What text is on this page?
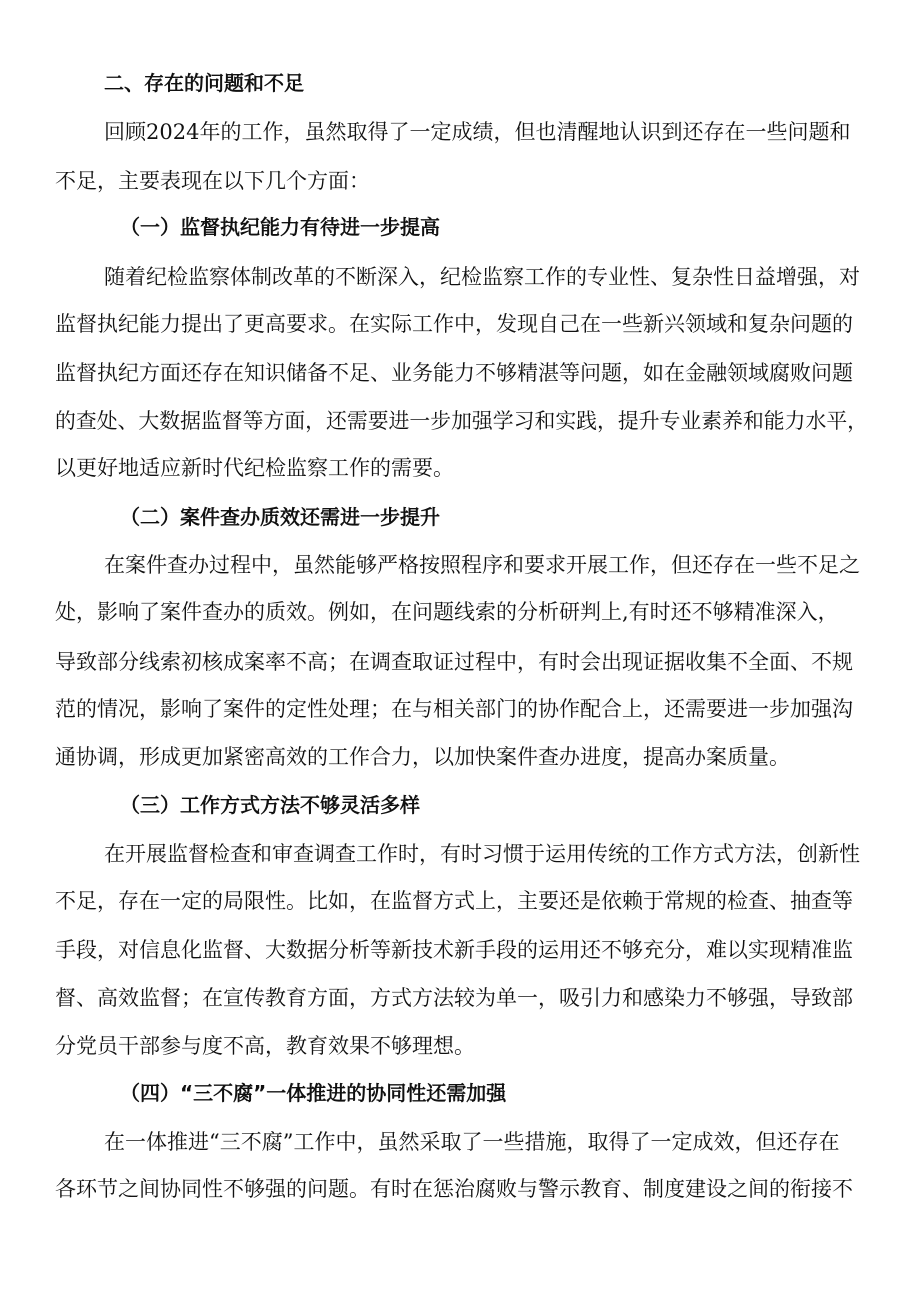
二、存在的问题和不足
回顾2024年的工作，虽然取得了一定成绩，但也清醒地认识到还存在一些问题和
不足，主要表现在以下几个方面：
（一）监督执纪能力有待进一步提高
随着纪检监察体制改革的不断深入，纪检监察工作的专业性、复杂性日益增强，对
监督执纪能力提出了更高要求。在实际工作中，发现自己在一些新兴领域和复杂问题的
监督执纪方面还存在知识储备不足、业务能力不够精湛等问题，如在金融领域腐败问题
的查处、大数据监督等方面，还需要进一步加强学习和实践，提升专业素养和能力水平，
以更好地适应新时代纪检监察工作的需要。
（二）案件查办质效还需进一步提升
在案件查办过程中，虽然能够严格按照程序和要求开展工作，但还存在一些不足之
处，影响了案件查办的质效。例如，在问题线索的分析研判上,有时还不够精准深入，
导致部分线索初核成案率不高；在调查取证过程中，有时会出现证据收集不全面、不规
范的情况，影响了案件的定性处理；在与相关部门的协作配合上，还需要进一步加强沟
通协调，形成更加紧密高效的工作合力，以加快案件查办进度，提高办案质量。
（三）工作方式方法不够灵活多样
在开展监督检查和审查调查工作时，有时习惯于运用传统的工作方式方法，创新性
不足，存在一定的局限性。比如，在监督方式上，主要还是依赖于常规的检查、抽查等
手段，对信息化监督、大数据分析等新技术新手段的运用还不够充分，难以实现精准监
督、高效监督；在宣传教育方面，方式方法较为单一，吸引力和感染力不够强，导致部
分党员干部参与度不高，教育效果不够理想。
（四）“三不腐”一体推进的协同性还需加强
在一体推进“三不腐”工作中，虽然采取了一些措施，取得了一定成效，但还存在
各环节之间协同性不够强的问题。有时在惩治腐败与警示教育、制度建设之间的衔接不
